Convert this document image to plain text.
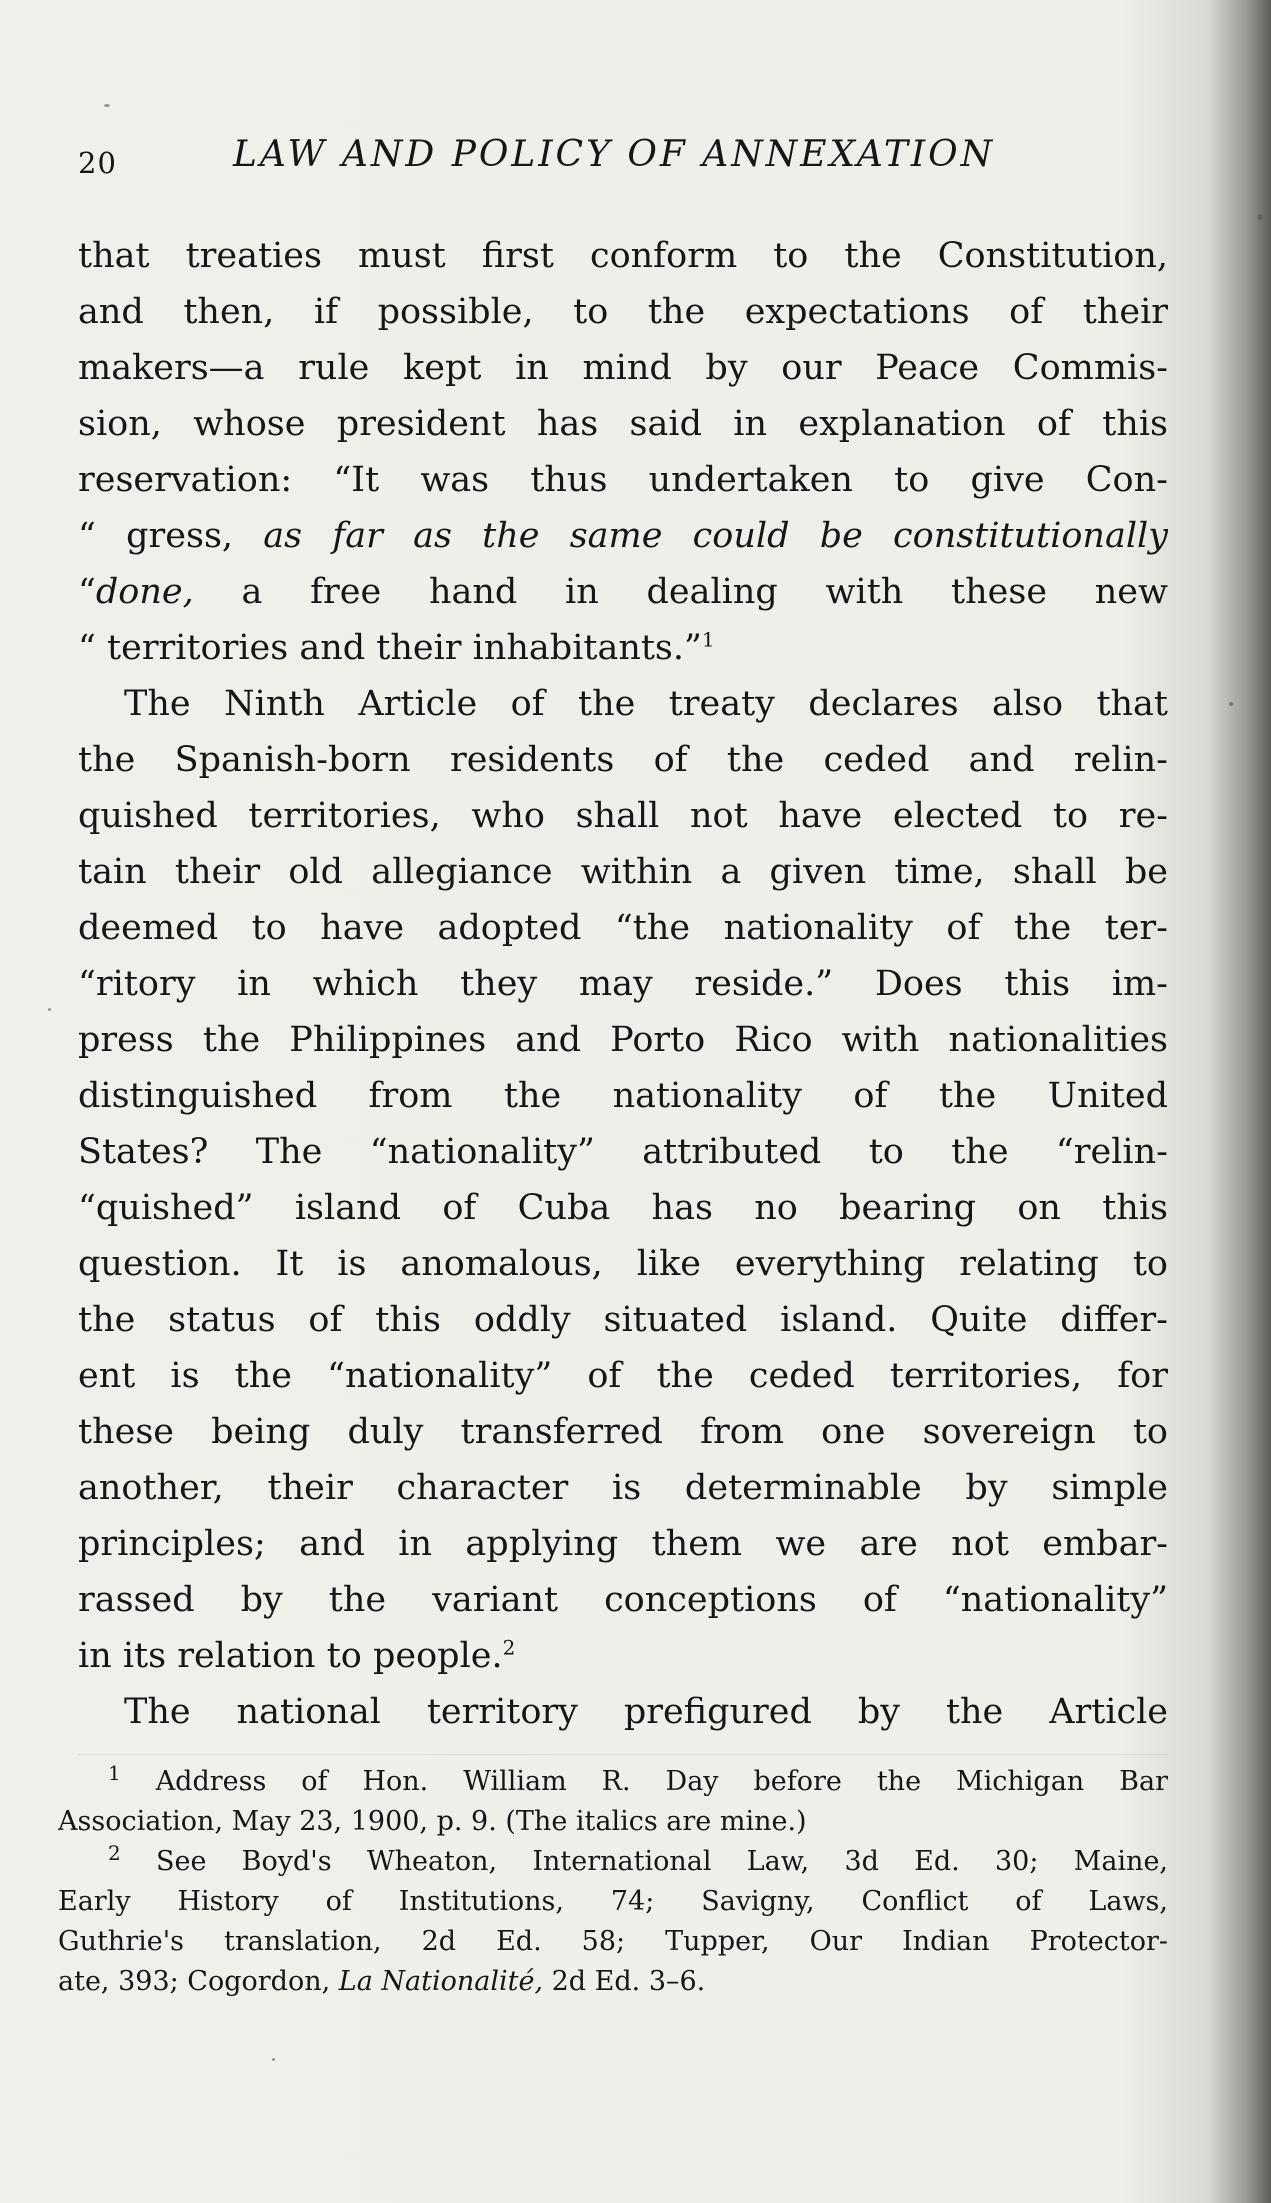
20	LAW AND POLICY OF ANNEXATION
that treaties must first conform to the Constitution,
and then, if possible, to the expectations of their
makers—a rule kept in mind by our Peace Commis-
sion, whose president has said in explanation of this
reservation: “It was thus undertaken to give Con-
“ gress, as far as the same could be constitutionally
“done, a free hand in dealing with these new
“ territories and their inhabitants.”$^1$
The Ninth Article of the treaty declares also that
the Spanish-born residents of the ceded and relin-
quished territories, who shall not have elected to re-
tain their old allegiance within a given time, shall be
deemed to have adopted “the nationality of the ter-
“ritory in which they may reside.” Does this im-
press the Philippines and Porto Rico with nationalities
distinguished from the nationality of the United
States? The “nationality” attributed to the “relin-
“quished” island of Cuba has no bearing on this
question. It is anomalous, like everything relating to
the status of this oddly situated island. Quite differ-
ent is the “nationality” of the ceded territories, for
these being duly transferred from one sovereign to
another, their character is determinable by simple
principles; and in applying them we are not embar-
rassed by the variant conceptions of “nationality”
in its relation to people.$^2$
The national territory prefigured by the Article
$^1$ Address of Hon. William R. Day before the Michigan Bar
Association, May 23, 1900, p. 9. (The italics are mine.)
$^2$ See Boyd's Wheaton, International Law, 3d Ed. 30; Maine,
Early History of Institutions, 74; Savigny, Conflict of Laws,
Guthrie's translation, 2d Ed. 58; Tupper, Our Indian Protector-
ate, 393; Cogordon, La Nationalité, 2d Ed. 3–6.
